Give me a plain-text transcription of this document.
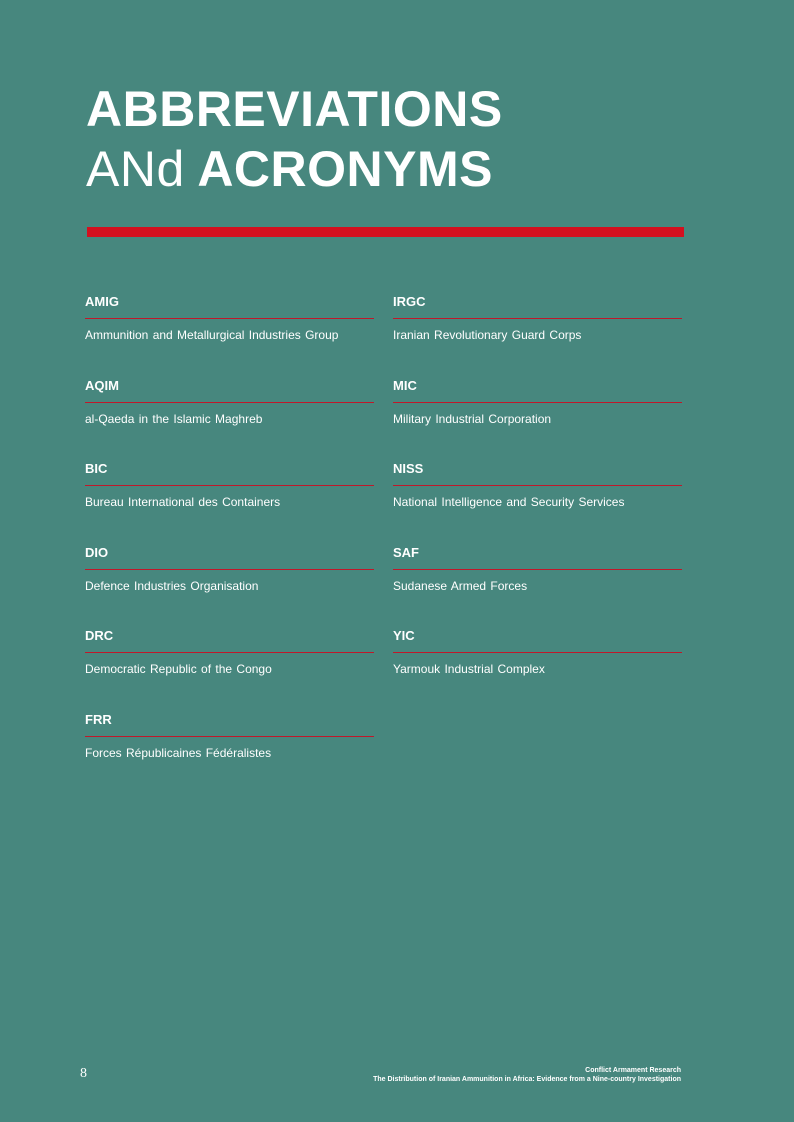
ABBREVIATIONS
ANd ACRONYMS
AMIG
Ammunition and Metallurgical Industries Group
AQIM
al-Qaeda in the Islamic Maghreb
BIC
Bureau International des Containers
DIO
Defence Industries Organisation
DRC
Democratic Republic of the Congo
FRR
Forces Républicaines Fédéralistes
IRGC
Iranian Revolutionary Guard Corps
MIC
Military Industrial Corporation
NISS
National Intelligence and Security Services
SAF
Sudanese Armed Forces
YIC
Yarmouk Industrial Complex
8	Conflict Armament Research
The Distribution of Iranian Ammunition in Africa: Evidence from a Nine-country Investigation
